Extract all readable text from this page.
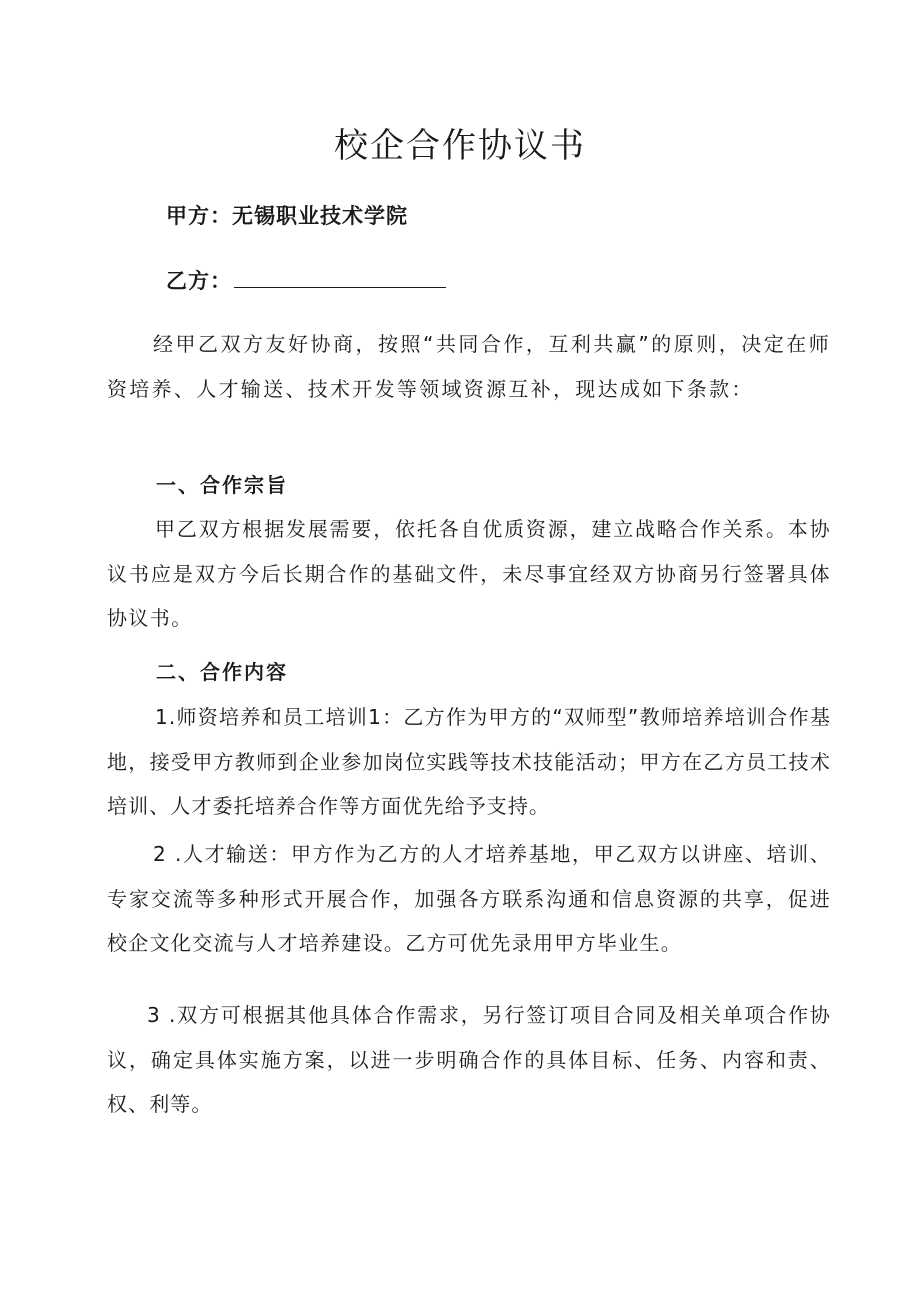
校企合作协议书
甲方：无锡职业技术学院
乙方：

经甲乙双方友好协商，按照“共同合作，互利共赢”的原则，决定在师资培养、人才输送、技术开发等领域资源互补，现达成如下条款：

一、合作宗旨

甲乙双方根据发展需要，依托各自优质资源，建立战略合作关系。本协议书应是双方今后长期合作的基础文件，未尽事宜经双方协商另行签署具体协议书。

二、合作内容

1.师资培养和员工培训1：乙方作为甲方的“双师型”教师培养培训合作基地，接受甲方教师到企业参加岗位实践等技术技能活动；甲方在乙方员工技术培训、人才委托培养合作等方面优先给予支持。

2 .人才输送：甲方作为乙方的人才培养基地，甲乙双方以讲座、培训、专家交流等多种形式开展合作，加强各方联系沟通和信息资源的共享，促进校企文化交流与人才培养建设。乙方可优先录用甲方毕业生。

3 .双方可根据其他具体合作需求，另行签订项目合同及相关单项合作协议，确定具体实施方案，以进一步明确合作的具体目标、任务、内容和责、权、利等。
